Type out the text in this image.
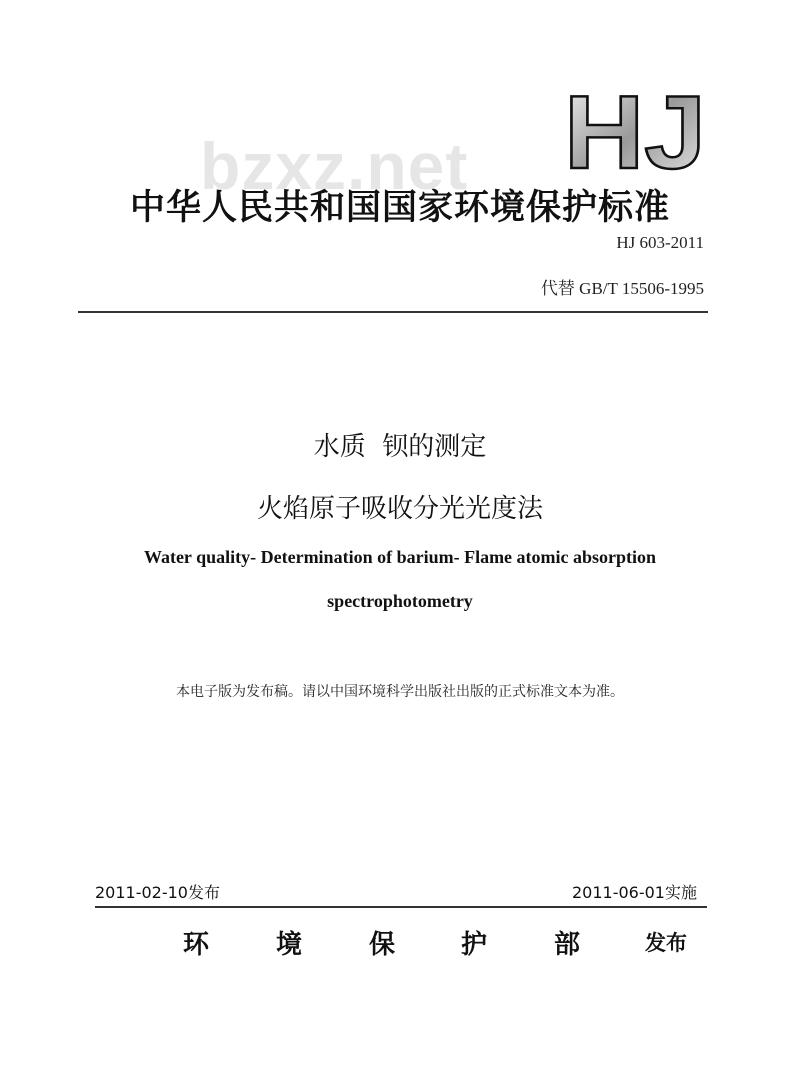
HJ
bzxz.net
中华人民共和国国家环境保护标准
HJ 603-2011
代替 GB/T 15506-1995
水质  钡的测定
火焰原子吸收分光光度法
Water quality- Determination of barium- Flame atomic absorption
spectrophotometry
本电子版为发布稿。请以中国环境科学出版社出版的正式标准文本为准。
2011-02-10发布	2011-06-01实施
环	境	保	护	部	发布
